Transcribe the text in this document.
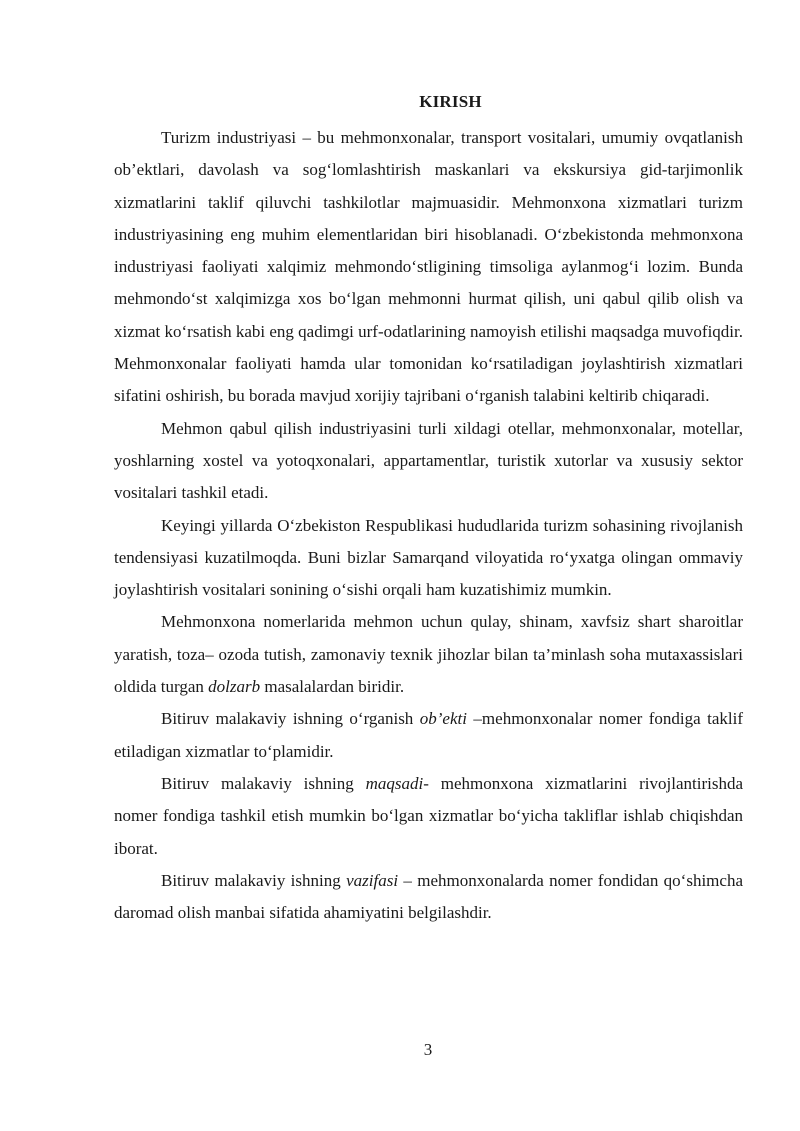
KIRISH

Turizm industriyasi – bu mehmonxonalar, transport vositalari, umumiy ovqatlanish ob’ektlari, davolash va sog‘lomlashtirish maskanlari va ekskursiya gid-tarjimonlik xizmatlarini taklif qiluvchi tashkilotlar majmuasidir. Mehmonxona xizmatlari turizm industriyasining eng muhim elementlaridan biri hisoblanadi. O‘zbekistonda mehmonxona industriyasi faoliyati xalqimiz mehmondo‘stligining timsoliga aylanmog‘i lozim. Bunda mehmondo‘st xalqimizga xos bo‘lgan mehmonni hurmat qilish, uni qabul qilib olish va xizmat ko‘rsatish kabi eng qadimgi urf-odatlarining namoyish etilishi maqsadga muvofiqdir. Mehmonxonalar faoliyati hamda ular tomonidan ko‘rsatiladigan joylashtirish xizmatlari sifatini oshirish, bu borada mavjud xorijiy tajribani o‘rganish talabini keltirib chiqaradi.

Mehmon qabul qilish industriyasini turli xildagi otellar, mehmonxonalar, motellar, yoshlarning xostel va yotoqxonalari, appartamentlar, turistik xutorlar va xususiy sektor vositalari tashkil etadi.

Keyingi yillarda O‘zbekiston Respublikasi hududlarida turizm sohasining rivojlanish tendensiyasi kuzatilmoqda. Buni bizlar Samarqand viloyatida ro‘yxatga olingan ommaviy joylashtirish vositalari sonining o‘sishi orqali ham kuzatishimiz mumkin.

Mehmonxona nomerlarida mehmon uchun qulay, shinam, xavfsiz shart sharoitlar yaratish, toza– ozoda tutish, zamonaviy texnik jihozlar bilan ta’minlash soha mutaxassislari oldida turgan dolzarb masalalardan biridir.

Bitiruv malakaviy ishning o‘rganish ob’ekti –mehmonxonalar nomer fondiga taklif etiladigan xizmatlar to‘plamidir.

Bitiruv malakaviy ishning maqsadi- mehmonxona xizmatlarini rivojlantirishda nomer fondiga tashkil etish mumkin bo‘lgan xizmatlar bo‘yicha takliflar ishlab chiqishdan iborat.

Bitiruv malakaviy ishning vazifasi – mehmonxonalarda nomer fondidan qo‘shimcha daromad olish manbai sifatida ahamiyatini belgilashdir.

3
